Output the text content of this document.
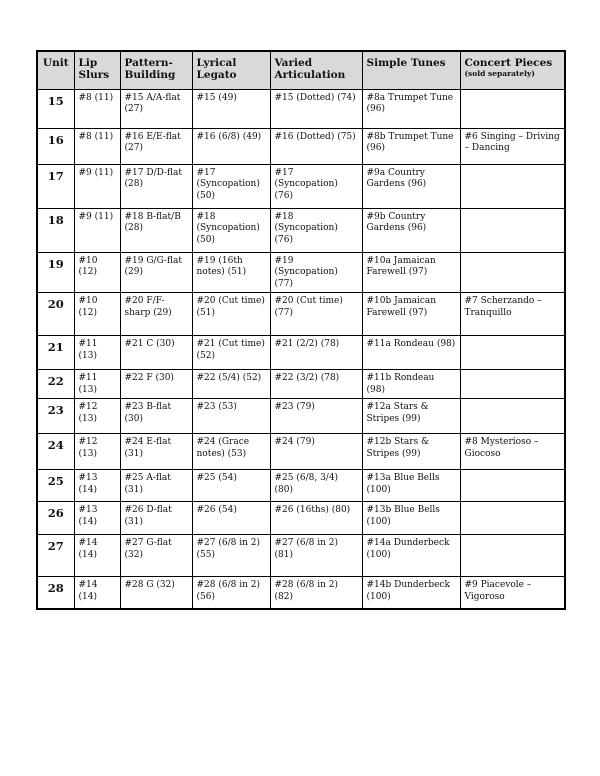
Unit	Lip Slurs	Pattern-Building	Lyrical Legato	Varied Articulation	Simple Tunes	Concert Pieces
(sold separately)

15	#8 (11)	#15 A/A-flat (27)	#15 (49)	#15 (Dotted) (74)	#8a Trumpet Tune (96)	
16	#8 (11)	#16 E/E-flat (27)	#16 (6/8) (49)	#16 (Dotted) (75)	#8b Trumpet Tune (96)	#6 Singing – Driving – Dancing
17	#9 (11)	#17 D/D-flat (28)	#17 (Syncopation) (50)	#17 (Syncopation) (76)	#9a Country Gardens (96)	
18	#9 (11)	#18 B-flat/B (28)	#18 (Syncopation) (50)	#18 (Syncopation) (76)	#9b Country Gardens (96)	
19	#10 (12)	#19 G/G-flat (29)	#19 (16th notes) (51)	#19 (Syncopation) (77)	#10a Jamaican Farewell (97)	
20	#10 (12)	#20 F/F-sharp (29)	#20 (Cut time) (51)	#20 (Cut time) (77)	#10b Jamaican Farewell (97)	#7 Scherzando – Tranquillo
21	#11 (13)	#21 C (30)	#21 (Cut time) (52)	#21 (2/2) (78)	#11a Rondeau (98)	
22	#11 (13)	#22 F (30)	#22 (5/4) (52)	#22 (3/2) (78)	#11b Rondeau (98)	
23	#12 (13)	#23 B-flat (30)	#23 (53)	#23 (79)	#12a Stars & Stripes (99)	
24	#12 (13)	#24 E-flat (31)	#24 (Grace notes) (53)	#24 (79)	#12b Stars & Stripes (99)	#8 Mysterioso – Giocoso
25	#13 (14)	#25 A-flat (31)	#25 (54)	#25 (6/8, 3/4) (80)	#13a Blue Bells (100)	
26	#13 (14)	#26 D-flat (31)	#26 (54)	#26 (16ths) (80)	#13b Blue Bells (100)	
27	#14 (14)	#27 G-flat (32)	#27 (6/8 in 2) (55)	#27 (6/8 in 2) (81)	#14a Dunderbeck (100)	
28	#14 (14)	#28 G (32)	#28 (6/8 in 2) (56)	#28 (6/8 in 2) (82)	#14b Dunderbeck (100)	#9 Piacevole – Vigoroso
